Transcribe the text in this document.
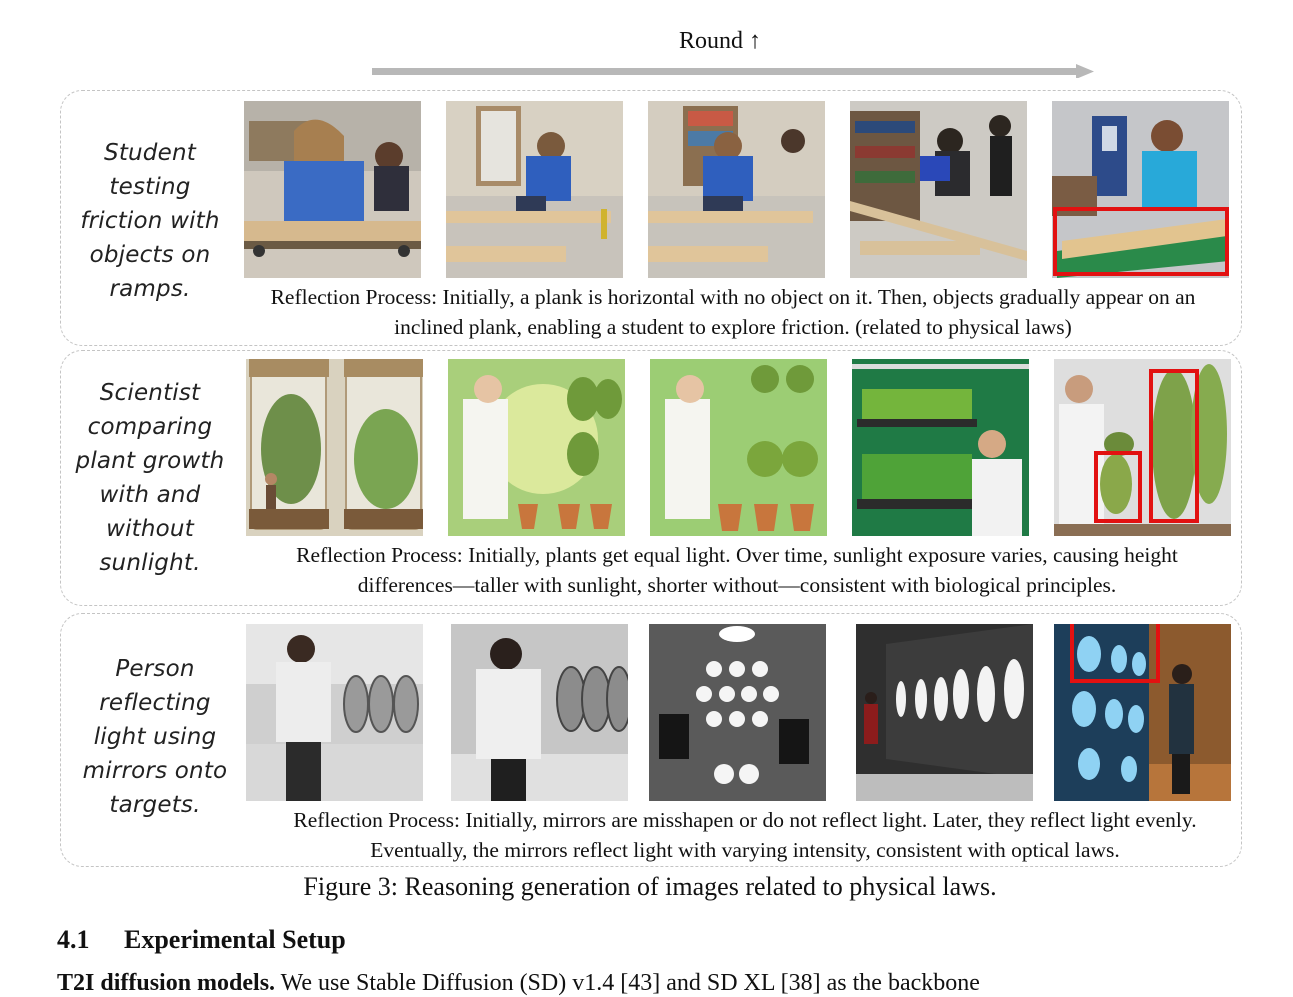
Round ↑
Student testing friction with objects on ramps.	Reflection Process: Initially, a plank is horizontal with no object on it. Then, objects gradually appear on an inclined plank, enabling a student to explore friction. (related to physical laws)
Scientist comparing plant growth with and without sunlight.	Reflection Process: Initially, plants get equal light. Over time, sunlight exposure varies, causing height differences—taller with sunlight, shorter without—consistent with biological principles.
Person reflecting light using mirrors onto targets.
Reflection Process: Initially, mirrors are misshapen or do not reflect light. Later, they reflect light evenly. Eventually, the mirrors reflect light with varying intensity, consistent with optical laws.
Figure 3: Reasoning generation of images related to physical laws.
4.1 Experimental Setup
T2I diffusion models. We use Stable Diffusion (SD) v1.4 [43] and SD XL [38] as the backbone
